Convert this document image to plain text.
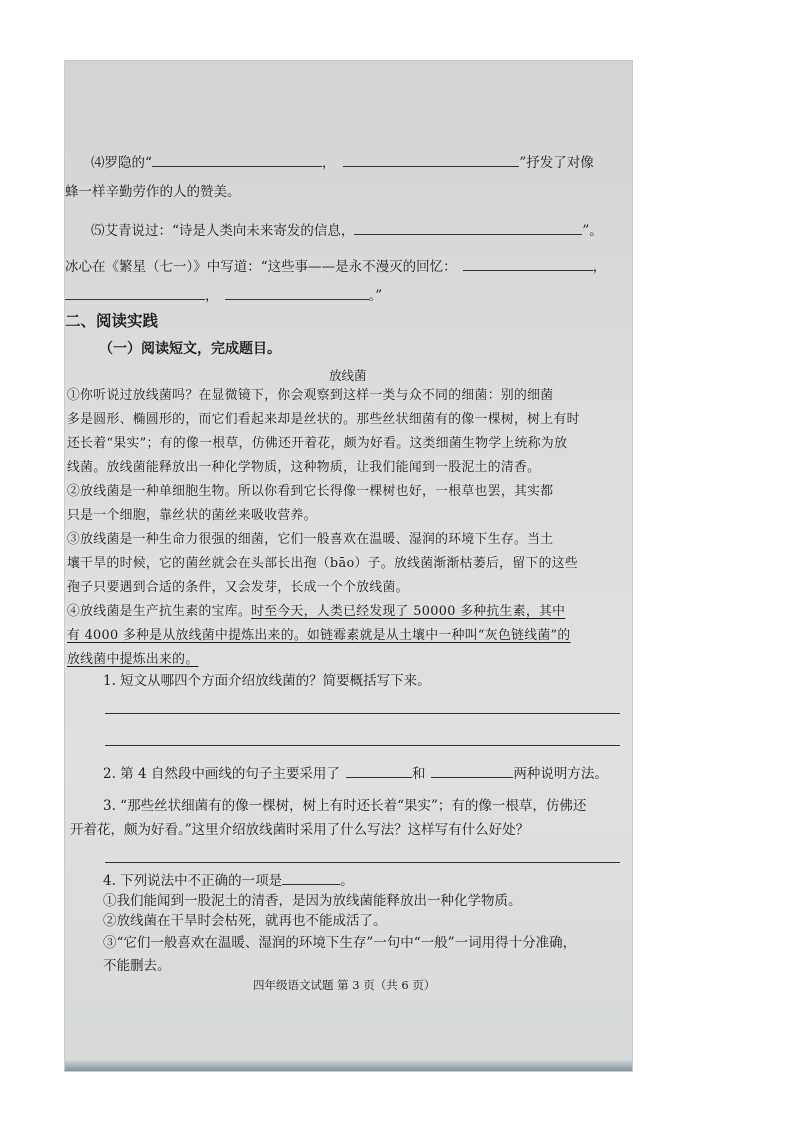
⑷罗隐的“	，	”抒发了对像
蜂一样辛勤劳作的人的赞美。
⑸艾青说过：“诗是人类向未来寄发的信息，	”。
冰心在《繁星（七一）》中写道：“这些事——是永不漫灭的回忆：	，
，	。”
二、阅读实践
（一）阅读短文，完成题目。
放线菌
①你听说过放线菌吗？在显微镜下，你会观察到这样一类与众不同的细菌：别的细菌
多是圆形、椭圆形的，而它们看起来却是丝状的。那些丝状细菌有的像一棵树，树上有时
还长着“果实”；有的像一根草，仿佛还开着花，颇为好看。这类细菌生物学上统称为放
线菌。放线菌能释放出一种化学物质，这种物质，让我们能闻到一股泥土的清香。
②放线菌是一种单细胞生物。所以你看到它长得像一棵树也好，一根草也罢，其实都
只是一个细胞，靠丝状的菌丝来吸收营养。
③放线菌是一种生命力很强的细菌，它们一般喜欢在温暖、湿润的环境下生存。当土
壤干旱的时候，它的菌丝就会在头部长出孢（bāo）子。放线菌渐渐枯萎后，留下的这些
孢子只要遇到合适的条件，又会发芽，长成一个个放线菌。
④放线菌是生产抗生素的宝库。时至今天，人类已经发现了 50000 多种抗生素，其中
有 4000 多种是从放线菌中提炼出来的。如链霉素就是从土壤中一种叫“灰色链线菌”的
放线菌中提炼出来的。
1. 短文从哪四个方面介绍放线菌的？简要概括写下来。
2. 第 4 自然段中画线的句子主要采用了	和	两种说明方法。
3. “那些丝状细菌有的像一棵树，树上有时还长着“果实”；有的像一根草，仿佛还
开着花，颇为好看。”这里介绍放线菌时采用了什么写法？这样写有什么好处？
4. 下列说法中不正确的一项是	。
①我们能闻到一股泥土的清香，是因为放线菌能释放出一种化学物质。
②放线菌在干旱时会枯死，就再也不能成活了。
③“它们一般喜欢在温暖、湿润的环境下生存”一句中“一般”一词用得十分准确，
不能删去。
四年级语文试题 第 3 页（共 6 页）
